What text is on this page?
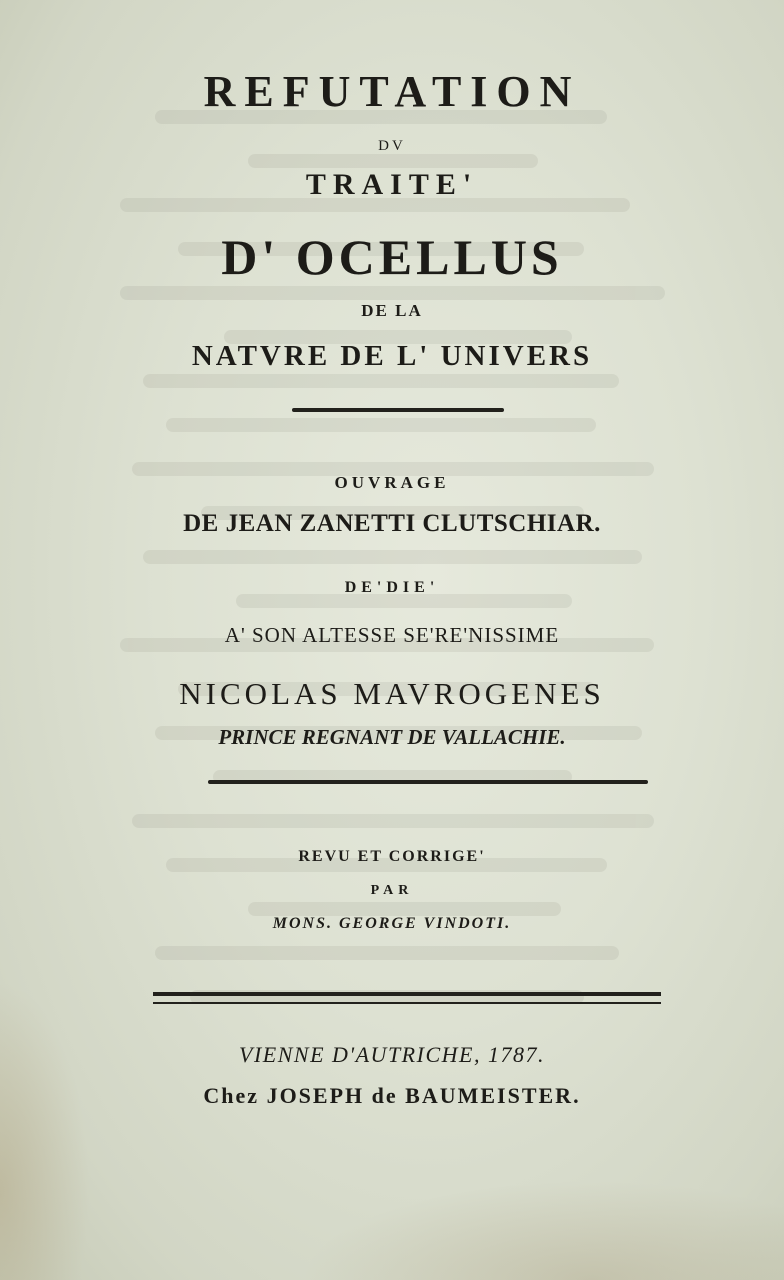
REFUTATION
DV
TRAITE'
D' OCELLUS
DE LA
NATVRE DE L' UNIVERS
OUVRAGE
DE JEAN ZANETTI CLUTSCHIAR.
DE'DIE'
A' SON ALTESSE SE'RE'NISSIME
NICOLAS MAVROGENES
PRINCE REGNANT DE VALLACHIE.
REVU ET CORRIGE'
PAR
MONS. GEORGE VINDOTI.
VIENNE D'AUTRICHE, 1787.
Chez JOSEPH de BAUMEISTER.
